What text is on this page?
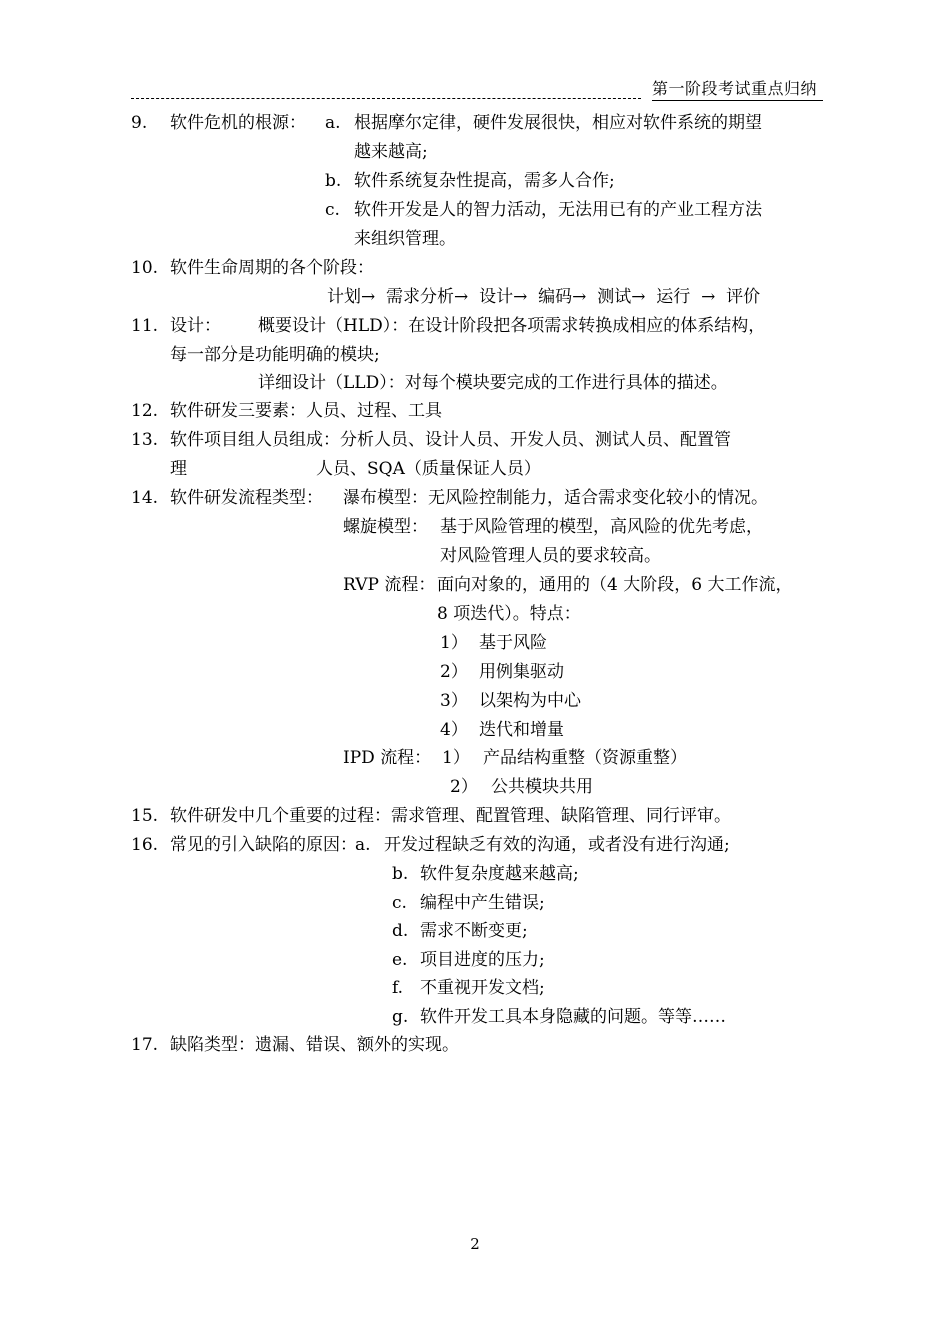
第一阶段考试重点归纳
9. 软件危机的根源： a. 根据摩尔定律，硬件发展很快，相应对软件系统的期望
越来越高;
b. 软件系统复杂性提高，需多人合作;
c. 软件开发是人的智力活动，无法用已有的产业工程方法
来组织管理。
10. 软件生命周期的各个阶段：
计划→  需求分析→  设计→  编码→  测试→  运行  →  评价
11. 设计： 概要设计（HLD）：在设计阶段把各项需求转换成相应的体系结构，
每一部分是功能明确的模块;
详细设计（LLD）：对每个模块要完成的工作进行具体的描述。
12. 软件研发三要素：人员、过程、工具
13. 软件项目组人员组成：分析人员、设计人员、开发人员、测试人员、配置管
理	人员、SQA（质量保证人员）
14. 软件研发流程类型： 瀑布模型：无风险控制能力，适合需求变化较小的情况。
螺旋模型： 基于风险管理的模型，高风险的优先考虑，
对风险管理人员的要求较高。
RVP 流程： 面向对象的，通用的（4 大阶段，6 大工作流，
8 项迭代）。特点：
1） 基于风险
2） 用例集驱动
3） 以架构为中心
4） 迭代和增量
IPD 流程： 1） 产品结构重整（资源重整）
2） 公共模块共用
15. 软件研发中几个重要的过程：需求管理、配置管理、缺陷管理、同行评审。
16. 常见的引入缺陷的原因：
a. 开发过程缺乏有效的沟通，或者没有进行沟通;
b. 软件复杂度越来越高;
c. 编程中产生错误;
d. 需求不断变更;
e. 项目进度的压力;
f. 不重视开发文档;
g. 软件开发工具本身隐藏的问题。等等……
17. 缺陷类型：遗漏、错误、额外的实现。
2
